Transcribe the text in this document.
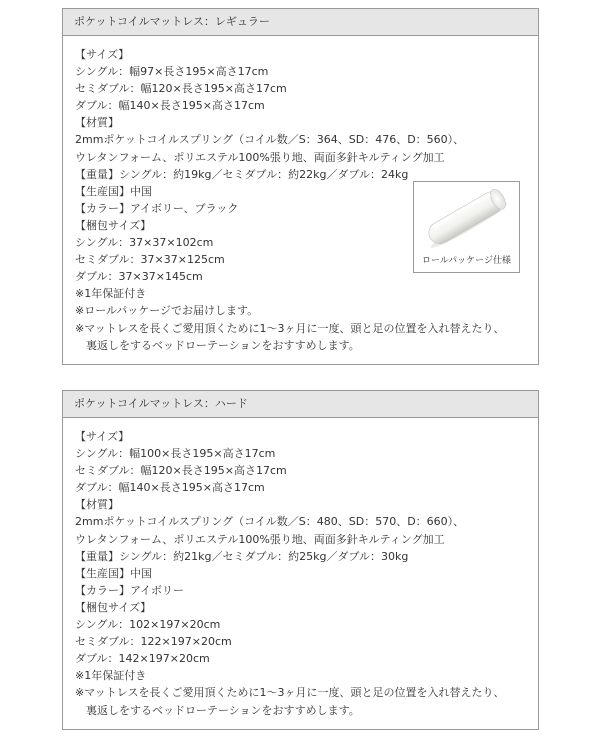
ポケットコイルマットレス：レギュラー
【サイズ】
シングル：幅97×長さ195×高さ17cm
セミダブル：幅120×長さ195×高さ17cm
ダブル：幅140×長さ195×高さ17cm
【材質】
2mmポケットコイルスプリング（コイル数／S：364、SD：476、D：560）、
ウレタンフォーム、ポリエステル100%張り地、両面多針キルティング加工
【重量】シングル：約19kg／セミダブル：約22kg／ダブル：24kg
【生産国】中国
【カラー】アイボリー、ブラック
【梱包サイズ】
シングル：37×37×102cm
セミダブル：37×37×125cm
ダブル：37×37×145cm
※1年保証付き
※ロールパッケージでお届けします。
※マットレスを長くご愛用頂くために1～3ヶ月に一度、頭と足の位置を入れ替えたり、
裏返しをするベッドローテーションをおすすめします。
ロールパッケージ仕様
ポケットコイルマットレス：ハード
【サイズ】
シングル：幅100×長さ195×高さ17cm
セミダブル：幅120×長さ195×高さ17cm
ダブル：幅140×長さ195×高さ17cm
【材質】
2mmポケットコイルスプリング（コイル数／S：480、SD：570、D：660）、
ウレタンフォーム、ポリエステル100%張り地、両面多針キルティング加工
【重量】シングル：約21kg／セミダブル：約25kg／ダブル：30kg
【生産国】中国
【カラー】アイボリー
【梱包サイズ】
シングル：102×197×20cm
セミダブル：122×197×20cm
ダブル：142×197×20cm
※1年保証付き
※マットレスを長くご愛用頂くために1～3ヶ月に一度、頭と足の位置を入れ替えたり、
裏返しをするベッドローテーションをおすすめします。
